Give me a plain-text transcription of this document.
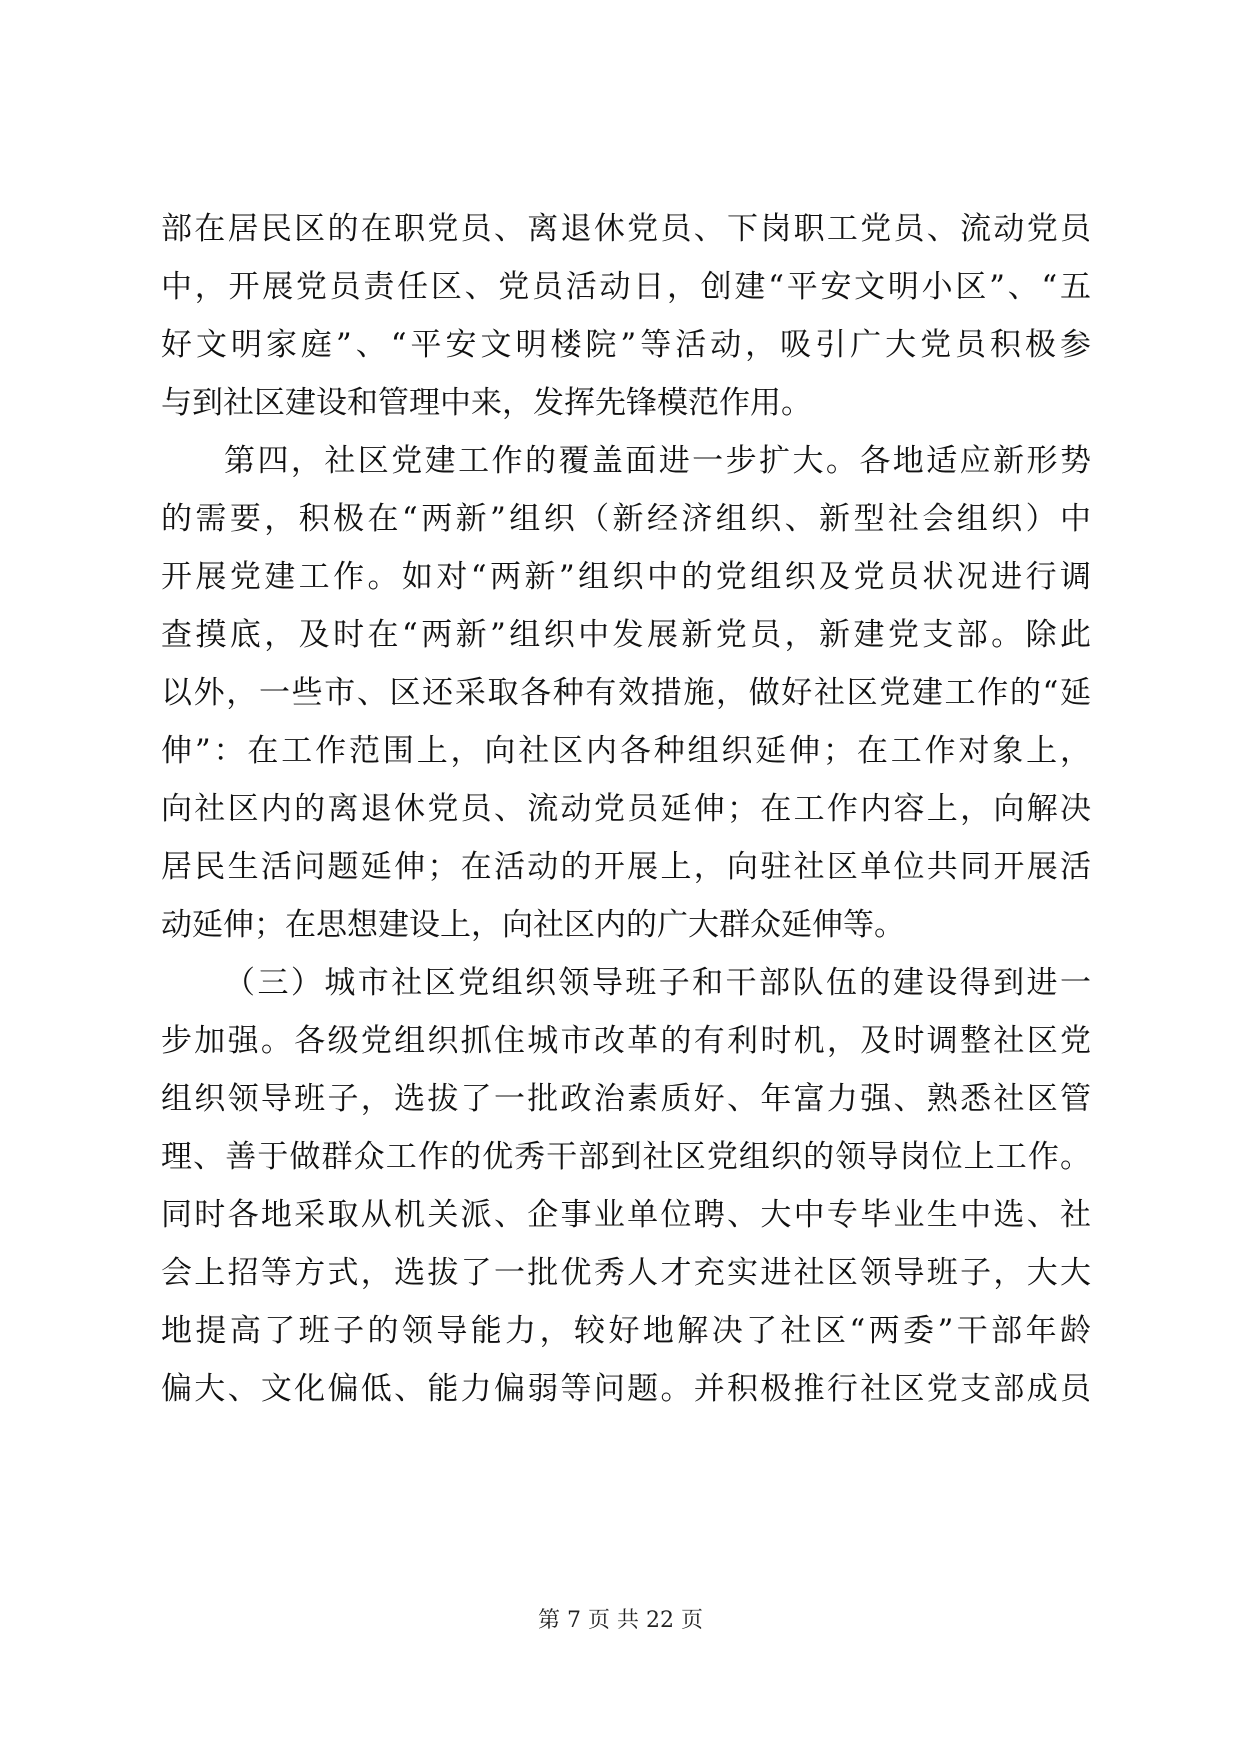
部在居民区的在职党员、离退休党员、下岗职工党员、流动党员
中，开展党员责任区、党员活动日，创建“平安文明小区”、“五
好文明家庭”、“平安文明楼院”等活动，吸引广大党员积极参
与到社区建设和管理中来，发挥先锋模范作用。
第四，社区党建工作的覆盖面进一步扩大。各地适应新形势
的需要，积极在“两新”组织（新经济组织、新型社会组织）中
开展党建工作。如对“两新”组织中的党组织及党员状况进行调
查摸底，及时在“两新”组织中发展新党员，新建党支部。除此
以外，一些市、区还采取各种有效措施，做好社区党建工作的“延
伸”：在工作范围上，向社区内各种组织延伸；在工作对象上，
向社区内的离退休党员、流动党员延伸；在工作内容上，向解决
居民生活问题延伸；在活动的开展上，向驻社区单位共同开展活
动延伸；在思想建设上，向社区内的广大群众延伸等。
（三）城市社区党组织领导班子和干部队伍的建设得到进一
步加强。各级党组织抓住城市改革的有利时机，及时调整社区党
组织领导班子，选拔了一批政治素质好、年富力强、熟悉社区管
理、善于做群众工作的优秀干部到社区党组织的领导岗位上工作。
同时各地采取从机关派、企事业单位聘、大中专毕业生中选、社
会上招等方式，选拔了一批优秀人才充实进社区领导班子，大大
地提高了班子的领导能力，较好地解决了社区“两委”干部年龄
偏大、文化偏低、能力偏弱等问题。并积极推行社区党支部成员
第 7 页 共 22 页
